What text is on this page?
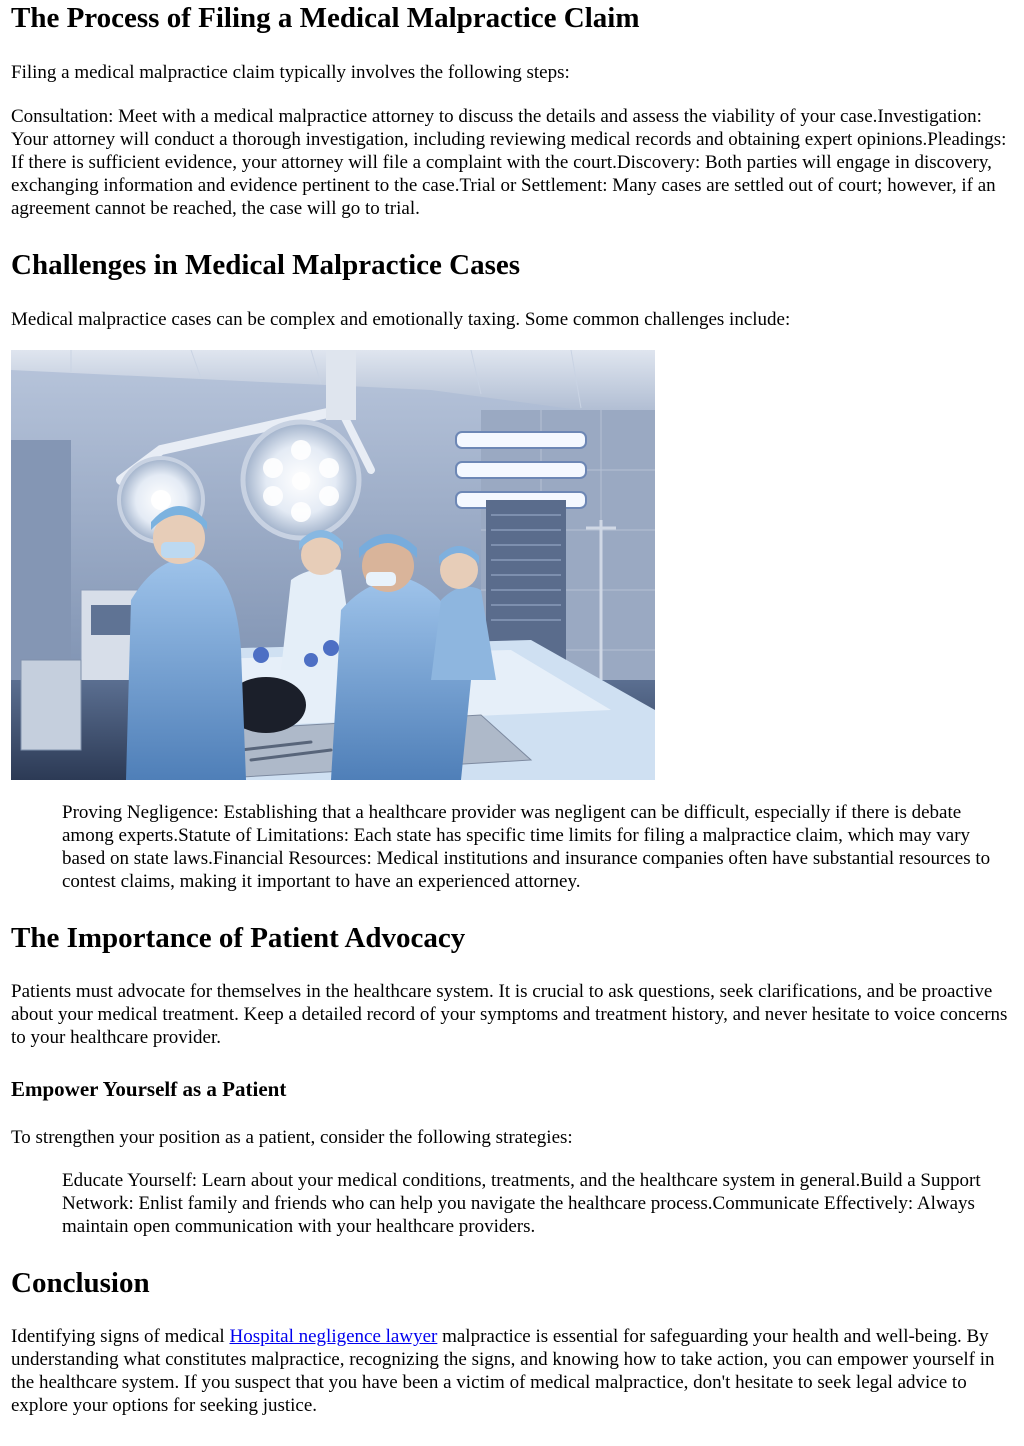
The Process of Filing a Medical Malpractice Claim

Filing a medical malpractice claim typically involves the following steps:

Consultation: Meet with a medical malpractice attorney to discuss the details and assess the viability of your case.Investigation: Your attorney will conduct a thorough investigation, including reviewing medical records and obtaining expert opinions.Pleadings: If there is sufficient evidence, your attorney will file a complaint with the court.Discovery: Both parties will engage in discovery, exchanging information and evidence pertinent to the case.Trial or Settlement: Many cases are settled out of court; however, if an agreement cannot be reached, the case will go to trial.

Challenges in Medical Malpractice Cases

Medical malpractice cases can be complex and emotionally taxing. Some common challenges include:

Proving Negligence: Establishing that a healthcare provider was negligent can be difficult, especially if there is debate among experts.Statute of Limitations: Each state has specific time limits for filing a malpractice claim, which may vary based on state laws.Financial Resources: Medical institutions and insurance companies often have substantial resources to contest claims, making it important to have an experienced attorney.
The Importance of Patient Advocacy

Patients must advocate for themselves in the healthcare system. It is crucial to ask questions, seek clarifications, and be proactive about your medical treatment. Keep a detailed record of your symptoms and treatment history, and never hesitate to voice concerns to your healthcare provider.

Empower Yourself as a Patient

To strengthen your position as a patient, consider the following strategies:

Educate Yourself: Learn about your medical conditions, treatments, and the healthcare system in general.Build a Support Network: Enlist family and friends who can help you navigate the healthcare process.Communicate Effectively: Always maintain open communication with your healthcare providers.
Conclusion

Identifying signs of medical Hospital negligence lawyer malpractice is essential for safeguarding your health and well-being. By understanding what constitutes malpractice, recognizing the signs, and knowing how to take action, you can empower yourself in the healthcare system. If you suspect that you have been a victim of medical malpractice, don't hesitate to seek legal advice to explore your options for seeking justice.
